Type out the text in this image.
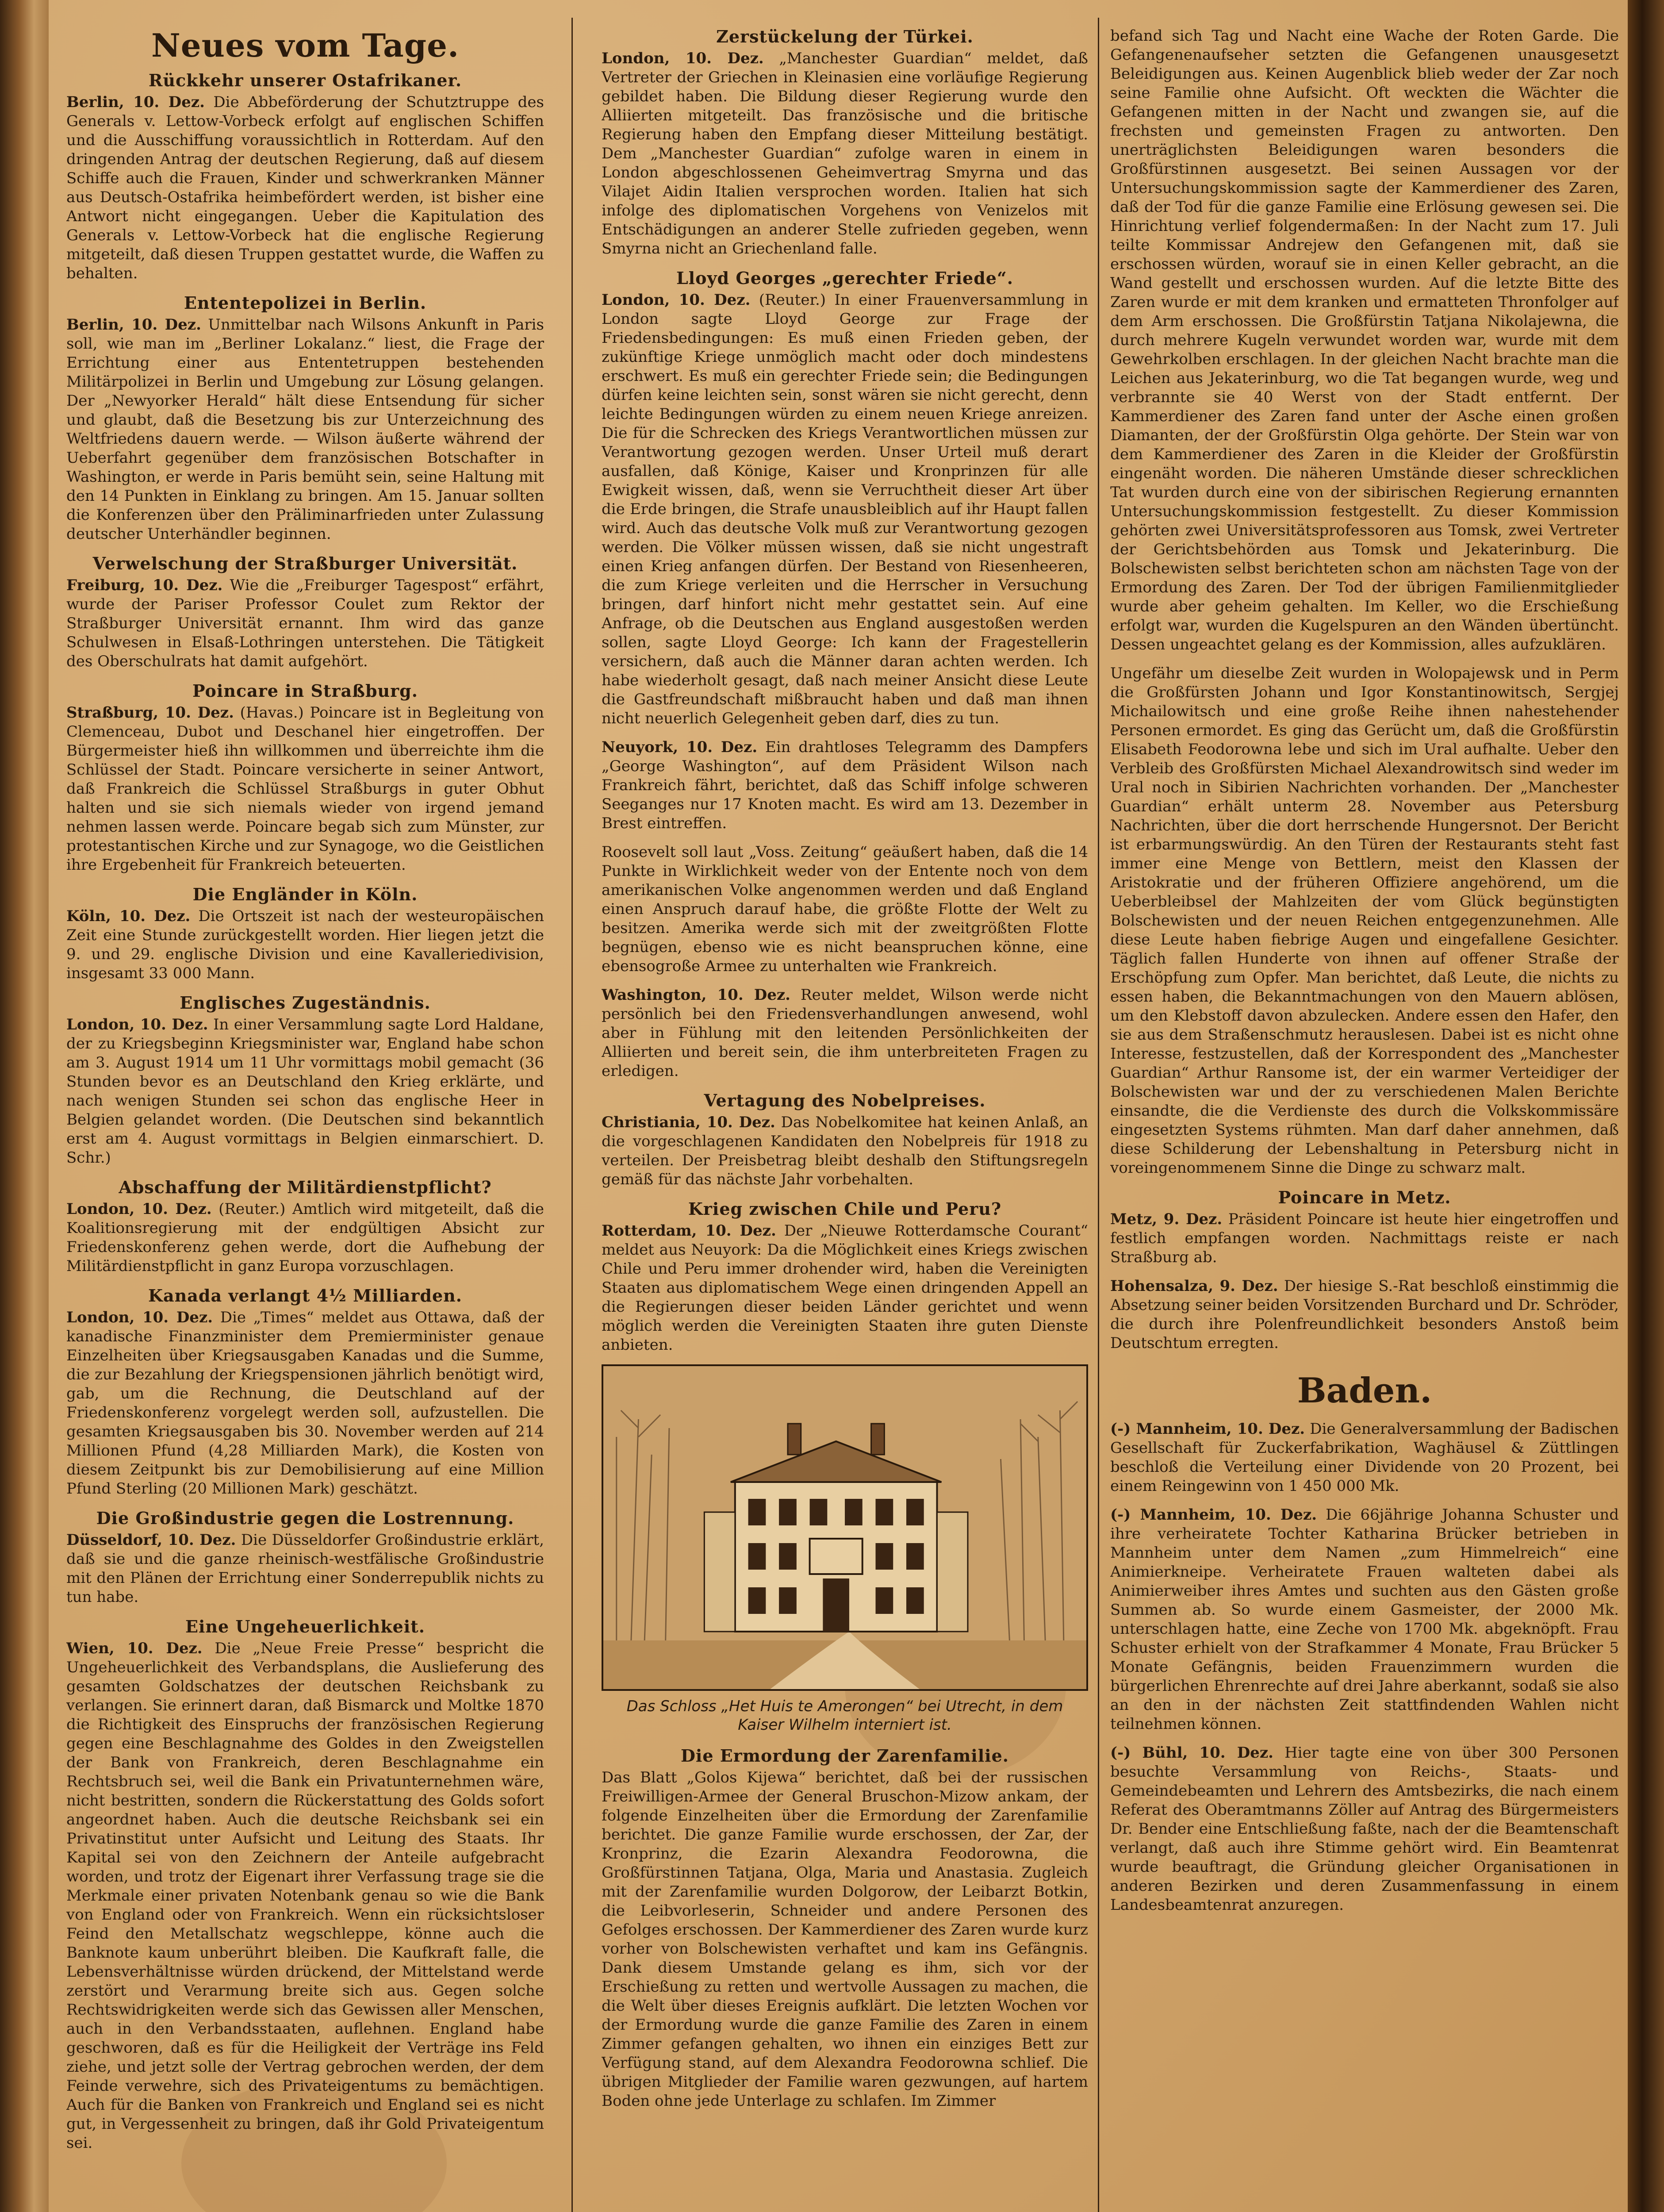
Neues vom Tage.
Rückkehr unserer Ostafrikaner.

Berlin, 10. Dez. Die Abbeförderung der Schutztruppe des Generals v. Lettow-Vorbeck erfolgt auf englischen Schiffen und die Ausschiffung voraussichtlich in Rotterdam. Auf den dringenden Antrag der deutschen Regierung, daß auf diesem Schiffe auch die Frauen, Kinder und schwerkranken Männer aus Deutsch-Ostafrika heimbefördert werden, ist bisher eine Antwort nicht eingegangen. Ueber die Kapitulation des Generals v. Lettow-Vorbeck hat die englische Regierung mitgeteilt, daß diesen Truppen gestattet wurde, die Waffen zu behalten.

Ententepolizei in Berlin.

Berlin, 10. Dez. Unmittelbar nach Wilsons Ankunft in Paris soll, wie man im „Berliner Lokalanz.“ liest, die Frage der Errichtung einer aus Ententetruppen bestehenden Militärpolizei in Berlin und Umgebung zur Lösung gelangen. Der „Newyorker Herald“ hält diese Entsendung für sicher und glaubt, daß die Besetzung bis zur Unterzeichnung des Weltfriedens dauern werde. — Wilson äußerte während der Ueberfahrt gegenüber dem französischen Botschafter in Washington, er werde in Paris bemüht sein, seine Haltung mit den 14 Punkten in Einklang zu bringen. Am 15. Januar sollten die Konferenzen über den Präliminarfrieden unter Zulassung deutscher Unterhändler beginnen.

Verwelschung der Straßburger Universität.

Freiburg, 10. Dez. Wie die „Freiburger Tagespost“ erfährt, wurde der Pariser Professor Coulet zum Rektor der Straßburger Universität ernannt. Ihm wird das ganze Schulwesen in Elsaß-Lothringen unterstehen. Die Tätigkeit des Oberschulrats hat damit aufgehört.

Poincare in Straßburg.

Straßburg, 10. Dez. (Havas.) Poincare ist in Begleitung von Clemenceau, Dubot und Deschanel hier eingetroffen. Der Bürgermeister hieß ihn willkommen und überreichte ihm die Schlüssel der Stadt. Poincare versicherte in seiner Antwort, daß Frankreich die Schlüssel Straßburgs in guter Obhut halten und sie sich niemals wieder von irgend jemand nehmen lassen werde. Poincare begab sich zum Münster, zur protestantischen Kirche und zur Synagoge, wo die Geistlichen ihre Ergebenheit für Frankreich beteuerten.

Die Engländer in Köln.

Köln, 10. Dez. Die Ortszeit ist nach der westeuropäischen Zeit eine Stunde zurückgestellt worden. Hier liegen jetzt die 9. und 29. englische Division und eine Kavalleriedivision, insgesamt 33 000 Mann.

Englisches Zugeständnis.

London, 10. Dez. In einer Versammlung sagte Lord Haldane, der zu Kriegsbeginn Kriegsminister war, England habe schon am 3. August 1914 um 11 Uhr vormittags mobil gemacht (36 Stunden bevor es an Deutschland den Krieg erklärte, und nach wenigen Stunden sei schon das englische Heer in Belgien gelandet worden. (Die Deutschen sind bekanntlich erst am 4. August vormittags in Belgien einmarschiert. D. Schr.)

Abschaffung der Militärdienstpflicht?

London, 10. Dez. (Reuter.) Amtlich wird mitgeteilt, daß die Koalitionsregierung mit der endgültigen Absicht zur Friedenskonferenz gehen werde, dort die Aufhebung der Militärdienstpflicht in ganz Europa vorzuschlagen.

Kanada verlangt 4½ Milliarden.

London, 10. Dez. Die „Times“ meldet aus Ottawa, daß der kanadische Finanzminister dem Premierminister genaue Einzelheiten über Kriegsausgaben Kanadas und die Summe, die zur Bezahlung der Kriegspensionen jährlich benötigt wird, gab, um die Rechnung, die Deutschland auf der Friedenskonferenz vorgelegt werden soll, aufzustellen. Die gesamten Kriegsausgaben bis 30. November werden auf 214 Millionen Pfund (4,28 Milliarden Mark), die Kosten von diesem Zeitpunkt bis zur Demobilisierung auf eine Million Pfund Sterling (20 Millionen Mark) geschätzt.

Die Großindustrie gegen die Lostrennung.

Düsseldorf, 10. Dez. Die Düsseldorfer Großindustrie erklärt, daß sie und die ganze rheinisch-westfälische Großindustrie mit den Plänen der Errichtung einer Sonderrepublik nichts zu tun habe.

Eine Ungeheuerlichkeit.

Wien, 10. Dez. Die „Neue Freie Presse“ bespricht die Ungeheuerlichkeit des Verbandsplans, die Auslieferung des gesamten Goldschatzes der deutschen Reichsbank zu verlangen. Sie erinnert daran, daß Bismarck und Moltke 1870 die Richtigkeit des Einspruchs der französischen Regierung gegen eine Beschlagnahme des Goldes in den Zweigstellen der Bank von Frankreich, deren Beschlagnahme ein Rechtsbruch sei, weil die Bank ein Privatunternehmen wäre, nicht bestritten, sondern die Rückerstattung des Golds sofort angeordnet haben. Auch die deutsche Reichsbank sei ein Privatinstitut unter Aufsicht und Leitung des Staats. Ihr Kapital sei von den Zeichnern der Anteile aufgebracht worden, und trotz der Eigenart ihrer Verfassung trage sie die Merkmale einer privaten Notenbank genau so wie die Bank von England oder von Frankreich. Wenn ein rücksichtsloser Feind den Metallschatz wegschleppe, könne auch die Banknote kaum unberührt bleiben. Die Kaufkraft falle, die Lebensverhältnisse würden drückend, der Mittelstand werde zerstört und Verarmung breite sich aus. Gegen solche Rechtswidrigkeiten werde sich das Gewissen aller Menschen, auch in den Verbandsstaaten, auflehnen. England habe geschworen, daß es für die Heiligkeit der Verträge ins Feld ziehe, und jetzt solle der Vertrag gebrochen werden, der dem Feinde verwehre, sich des Privateigentums zu bemächtigen. Auch für die Banken von Frankreich und England sei es nicht gut, in Vergessenheit zu bringen, daß ihr Gold Privateigentum sei.

Zerstückelung der Türkei.

London, 10. Dez. „Manchester Guardian“ meldet, daß Vertreter der Griechen in Kleinasien eine vorläufige Regierung gebildet haben. Die Bildung dieser Regierung wurde den Alliierten mitgeteilt. Das französische und die britische Regierung haben den Empfang dieser Mitteilung bestätigt. Dem „Manchester Guardian“ zufolge waren in einem in London abgeschlossenen Geheimvertrag Smyrna und das Vilajet Aidin Italien versprochen worden. Italien hat sich infolge des diplomatischen Vorgehens von Venizelos mit Entschädigungen an anderer Stelle zufrieden gegeben, wenn Smyrna nicht an Griechenland falle.

Lloyd Georges „gerechter Friede“.

London, 10. Dez. (Reuter.) In einer Frauenversammlung in London sagte Lloyd George zur Frage der Friedensbedingungen: Es muß einen Frieden geben, der zukünftige Kriege unmöglich macht oder doch mindestens erschwert. Es muß ein gerechter Friede sein; die Bedingungen dürfen keine leichten sein, sonst wären sie nicht gerecht, denn leichte Bedingungen würden zu einem neuen Kriege anreizen. Die für die Schrecken des Kriegs Verantwortlichen müssen zur Verantwortung gezogen werden. Unser Urteil muß derart ausfallen, daß Könige, Kaiser und Kronprinzen für alle Ewigkeit wissen, daß, wenn sie Verruchtheit dieser Art über die Erde bringen, die Strafe unausbleiblich auf ihr Haupt fallen wird. Auch das deutsche Volk muß zur Verantwortung gezogen werden. Die Völker müssen wissen, daß sie nicht ungestraft einen Krieg anfangen dürfen. Der Bestand von Riesenheeren, die zum Kriege verleiten und die Herrscher in Versuchung bringen, darf hinfort nicht mehr gestattet sein. Auf eine Anfrage, ob die Deutschen aus England ausgestoßen werden sollen, sagte Lloyd George: Ich kann der Fragestellerin versichern, daß auch die Männer daran achten werden. Ich habe wiederholt gesagt, daß nach meiner Ansicht diese Leute die Gastfreundschaft mißbraucht haben und daß man ihnen nicht neuerlich Gelegenheit geben darf, dies zu tun.

Neuyork, 10. Dez. Ein drahtloses Telegramm des Dampfers „George Washington“, auf dem Präsident Wilson nach Frankreich fährt, berichtet, daß das Schiff infolge schweren Seeganges nur 17 Knoten macht. Es wird am 13. Dezember in Brest eintreffen.

Roosevelt soll laut „Voss. Zeitung“ geäußert haben, daß die 14 Punkte in Wirklichkeit weder von der Entente noch von dem amerikanischen Volke angenommen werden und daß England einen Anspruch darauf habe, die größte Flotte der Welt zu besitzen. Amerika werde sich mit der zweitgrößten Flotte begnügen, ebenso wie es nicht beanspruchen könne, eine ebensogroße Armee zu unterhalten wie Frankreich.

Washington, 10. Dez. Reuter meldet, Wilson werde nicht persönlich bei den Friedensverhandlungen anwesend, wohl aber in Fühlung mit den leitenden Persönlichkeiten der Alliierten und bereit sein, die ihm unterbreiteten Fragen zu erledigen.

Vertagung des Nobelpreises.

Christiania, 10. Dez. Das Nobelkomitee hat keinen Anlaß, an die vorgeschlagenen Kandidaten den Nobelpreis für 1918 zu verteilen. Der Preisbetrag bleibt deshalb den Stiftungsregeln gemäß für das nächste Jahr vorbehalten.

Krieg zwischen Chile und Peru?

Rotterdam, 10. Dez. Der „Nieuwe Rotterdamsche Courant“ meldet aus Neuyork: Da die Möglichkeit eines Kriegs zwischen Chile und Peru immer drohender wird, haben die Vereinigten Staaten aus diplomatischem Wege einen dringenden Appell an die Regierungen dieser beiden Länder gerichtet und wenn möglich werden die Vereinigten Staaten ihre guten Dienste anbieten.

Das Schloss „Het Huis te Amerongen“ bei Utrecht, in dem Kaiser Wilhelm interniert ist.
Die Ermordung der Zarenfamilie.

Das Blatt „Golos Kijewa“ berichtet, daß bei der russischen Freiwilligen-Armee der General Bruschon-Mizow ankam, der folgende Einzelheiten über die Ermordung der Zarenfamilie berichtet. Die ganze Familie wurde erschossen, der Zar, der Kronprinz, die Ezarin Alexandra Feodorowna, die Großfürstinnen Tatjana, Olga, Maria und Anastasia. Zugleich mit der Zarenfamilie wurden Dolgorow, der Leibarzt Botkin, die Leibvorleserin, Schneider und andere Personen des Gefolges erschossen. Der Kammerdiener des Zaren wurde kurz vorher von Bolschewisten verhaftet und kam ins Gefängnis. Dank diesem Umstande gelang es ihm, sich vor der Erschießung zu retten und wertvolle Aussagen zu machen, die die Welt über dieses Ereignis aufklärt. Die letzten Wochen vor der Ermordung wurde die ganze Familie des Zaren in einem Zimmer gefangen gehalten, wo ihnen ein einziges Bett zur Verfügung stand, auf dem Alexandra Feodorowna schlief. Die übrigen Mitglieder der Familie waren gezwungen, auf hartem Boden ohne jede Unterlage zu schlafen. Im Zimmer

befand sich Tag und Nacht eine Wache der Roten Garde. Die Gefangenenaufseher setzten die Gefangenen unausgesetzt Beleidigungen aus. Keinen Augenblick blieb weder der Zar noch seine Familie ohne Aufsicht. Oft weckten die Wächter die Gefangenen mitten in der Nacht und zwangen sie, auf die frechsten und gemeinsten Fragen zu antworten. Den unerträglichsten Beleidigungen waren besonders die Großfürstinnen ausgesetzt. Bei seinen Aussagen vor der Untersuchungskommission sagte der Kammerdiener des Zaren, daß der Tod für die ganze Familie eine Erlösung gewesen sei. Die Hinrichtung verlief folgendermaßen: In der Nacht zum 17. Juli teilte Kommissar Andrejew den Gefangenen mit, daß sie erschossen würden, worauf sie in einen Keller gebracht, an die Wand gestellt und erschossen wurden. Auf die letzte Bitte des Zaren wurde er mit dem kranken und ermatteten Thronfolger auf dem Arm erschossen. Die Großfürstin Tatjana Nikolajewna, die durch mehrere Kugeln verwundet worden war, wurde mit dem Gewehrkolben erschlagen. In der gleichen Nacht brachte man die Leichen aus Jekaterinburg, wo die Tat begangen wurde, weg und verbrannte sie 40 Werst von der Stadt entfernt. Der Kammerdiener des Zaren fand unter der Asche einen großen Diamanten, der der Großfürstin Olga gehörte. Der Stein war von dem Kammerdiener des Zaren in die Kleider der Großfürstin eingenäht worden. Die näheren Umstände dieser schrecklichen Tat wurden durch eine von der sibirischen Regierung ernannten Untersuchungskommission festgestellt. Zu dieser Kommission gehörten zwei Universitätsprofessoren aus Tomsk, zwei Vertreter der Gerichtsbehörden aus Tomsk und Jekaterinburg. Die Bolschewisten selbst berichteten schon am nächsten Tage von der Ermordung des Zaren. Der Tod der übrigen Familienmitglieder wurde aber geheim gehalten. Im Keller, wo die Erschießung erfolgt war, wurden die Kugelspuren an den Wänden übertüncht. Dessen ungeachtet gelang es der Kommission, alles aufzuklären.

Ungefähr um dieselbe Zeit wurden in Wolopajewsk und in Perm die Großfürsten Johann und Igor Konstantinowitsch, Sergjej Michailowitsch und eine große Reihe ihnen nahestehender Personen ermordet. Es ging das Gerücht um, daß die Großfürstin Elisabeth Feodorowna lebe und sich im Ural aufhalte. Ueber den Verbleib des Großfürsten Michael Alexandrowitsch sind weder im Ural noch in Sibirien Nachrichten vorhanden. Der „Manchester Guardian“ erhält unterm 28. November aus Petersburg Nachrichten, über die dort herrschende Hungersnot. Der Bericht ist erbarmungswürdig. An den Türen der Restaurants steht fast immer eine Menge von Bettlern, meist den Klassen der Aristokratie und der früheren Offiziere angehörend, um die Ueberbleibsel der Mahlzeiten der vom Glück begünstigten Bolschewisten und der neuen Reichen entgegenzunehmen. Alle diese Leute haben fiebrige Augen und eingefallene Gesichter. Täglich fallen Hunderte von ihnen auf offener Straße der Erschöpfung zum Opfer. Man berichtet, daß Leute, die nichts zu essen haben, die Bekanntmachungen von den Mauern ablösen, um den Klebstoff davon abzulecken. Andere essen den Hafer, den sie aus dem Straßenschmutz herauslesen. Dabei ist es nicht ohne Interesse, festzustellen, daß der Korrespondent des „Manchester Guardian“ Arthur Ransome ist, der ein warmer Verteidiger der Bolschewisten war und der zu verschiedenen Malen Berichte einsandte, die die Verdienste des durch die Volkskommissäre eingesetzten Systems rühmten. Man darf daher annehmen, daß diese Schilderung der Lebenshaltung in Petersburg nicht in voreingenommenem Sinne die Dinge zu schwarz malt.

Poincare in Metz.

Metz, 9. Dez. Präsident Poincare ist heute hier eingetroffen und festlich empfangen worden. Nachmittags reiste er nach Straßburg ab.

Hohensalza, 9. Dez. Der hiesige S.-Rat beschloß einstimmig die Absetzung seiner beiden Vorsitzenden Burchard und Dr. Schröder, die durch ihre Polenfreundlichkeit besonders Anstoß beim Deutschtum erregten.

Baden.

(-) Mannheim, 10. Dez. Die Generalversammlung der Badischen Gesellschaft für Zuckerfabrikation, Waghäusel & Züttlingen beschloß die Verteilung einer Dividende von 20 Prozent, bei einem Reingewinn von 1 450 000 Mk.

(-) Mannheim, 10. Dez. Die 66jährige Johanna Schuster und ihre verheiratete Tochter Katharina Brücker betrieben in Mannheim unter dem Namen „zum Himmelreich“ eine Animierkneipe. Verheiratete Frauen walteten dabei als Animierweiber ihres Amtes und suchten aus den Gästen große Summen ab. So wurde einem Gasmeister, der 2000 Mk. unterschlagen hatte, eine Zeche von 1700 Mk. abgeknöpft. Frau Schuster erhielt von der Strafkammer 4 Monate, Frau Brücker 5 Monate Gefängnis, beiden Frauenzimmern wurden die bürgerlichen Ehrenrechte auf drei Jahre aberkannt, sodaß sie also an den in der nächsten Zeit stattfindenden Wahlen nicht teilnehmen können.

(-) Bühl, 10. Dez. Hier tagte eine von über 300 Personen besuchte Versammlung von Reichs-, Staats- und Gemeindebeamten und Lehrern des Amtsbezirks, die nach einem Referat des Oberamtmanns Zöller auf Antrag des Bürgermeisters Dr. Bender eine Entschließung faßte, nach der die Beamtenschaft verlangt, daß auch ihre Stimme gehört wird. Ein Beamtenrat wurde beauftragt, die Gründung gleicher Organisationen in anderen Bezirken und deren Zusammenfassung in einem Landesbeamtenrat anzuregen.
